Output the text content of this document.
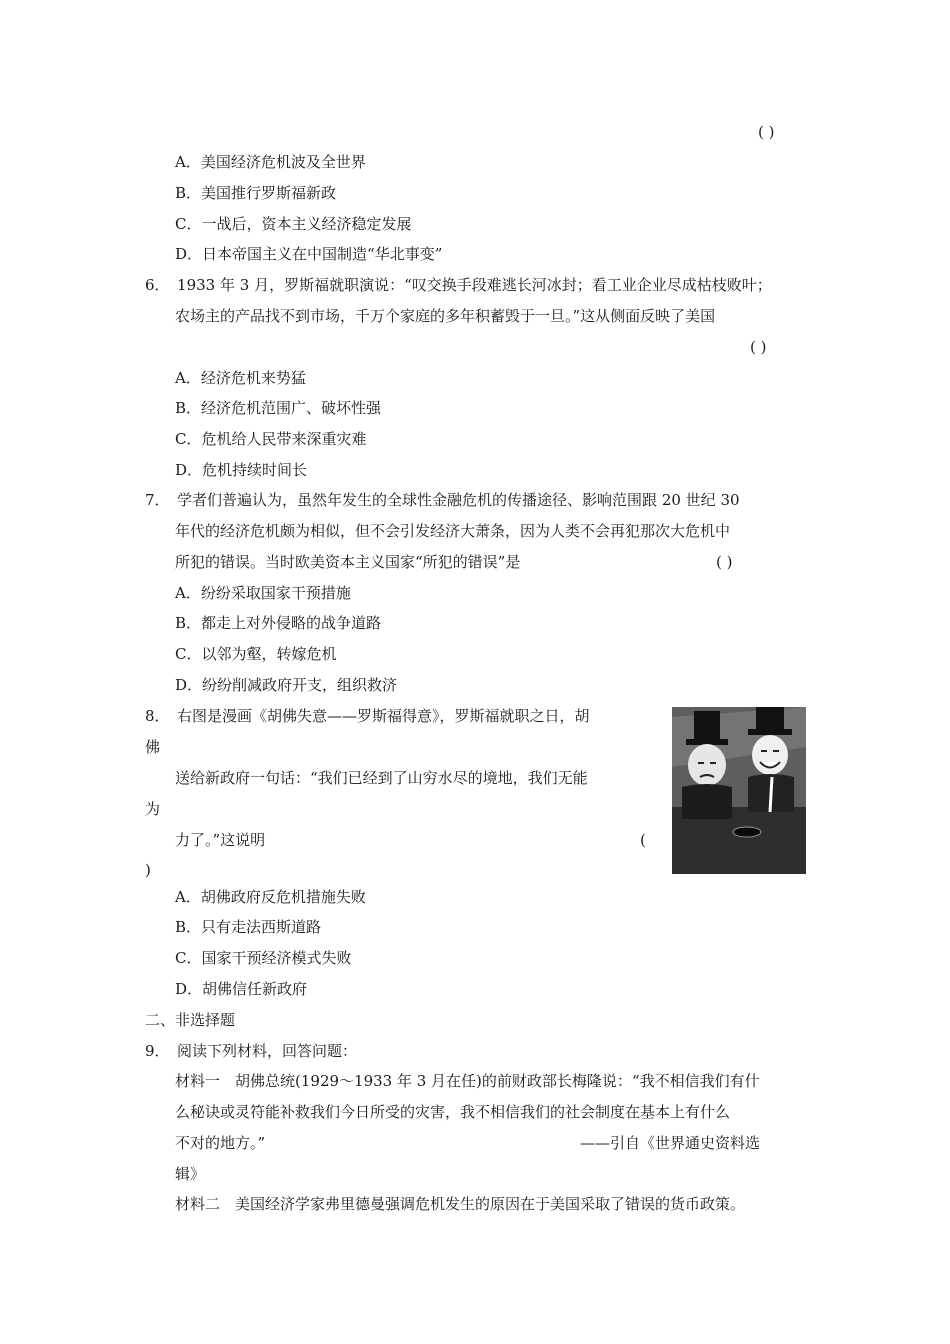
( )
A．美国经济危机波及全世界
B．美国推行罗斯福新政
C．一战后，资本主义经济稳定发展
D．日本帝国主义在中国制造“华北事变”
6．　1933 年 3 月，罗斯福就职演说：“叹交换手段难逃长河冰封；看工业企业尽成枯枝败叶；
农场主的产品找不到市场，千万个家庭的多年积蓄毁于一旦。”这从侧面反映了美国
( )
A．经济危机来势猛
B．经济危机范围广、破坏性强
C．危机给人民带来深重灾难
D．危机持续时间长
7．　学者们普遍认为，虽然年发生的全球性金融危机的传播途径、影响范围跟 20 世纪 30
年代的经济危机颇为相似，但不会引发经济大萧条，因为人类不会再犯那次大危机中
所犯的错误。当时欧美资本主义国家“所犯的错误”是	( )
A．纷纷采取国家干预措施
B．都走上对外侵略的战争道路
C．以邻为壑，转嫁危机
D．纷纷削减政府开支，组织救济
8．　右图是漫画《胡佛失意——罗斯福得意》，罗斯福就职之日，胡
佛
送给新政府一句话：“我们已经到了山穷水尽的境地，我们无能
为
力了。”这说明	(
)
A．胡佛政府反危机措施失败
B．只有走法西斯道路
C．国家干预经济模式失败
D．胡佛信任新政府
二、非选择题
9．　阅读下列材料，回答问题：
材料一　胡佛总统(1929～1933 年 3 月在任)的前财政部长梅隆说：“我不相信我们有什
么秘诀或灵符能补救我们今日所受的灾害，我不相信我们的社会制度在基本上有什么
不对的地方。”	——引自《世界通史资料选
辑》
材料二　美国经济学家弗里德曼强调危机发生的原因在于美国采取了错误的货币政策。
